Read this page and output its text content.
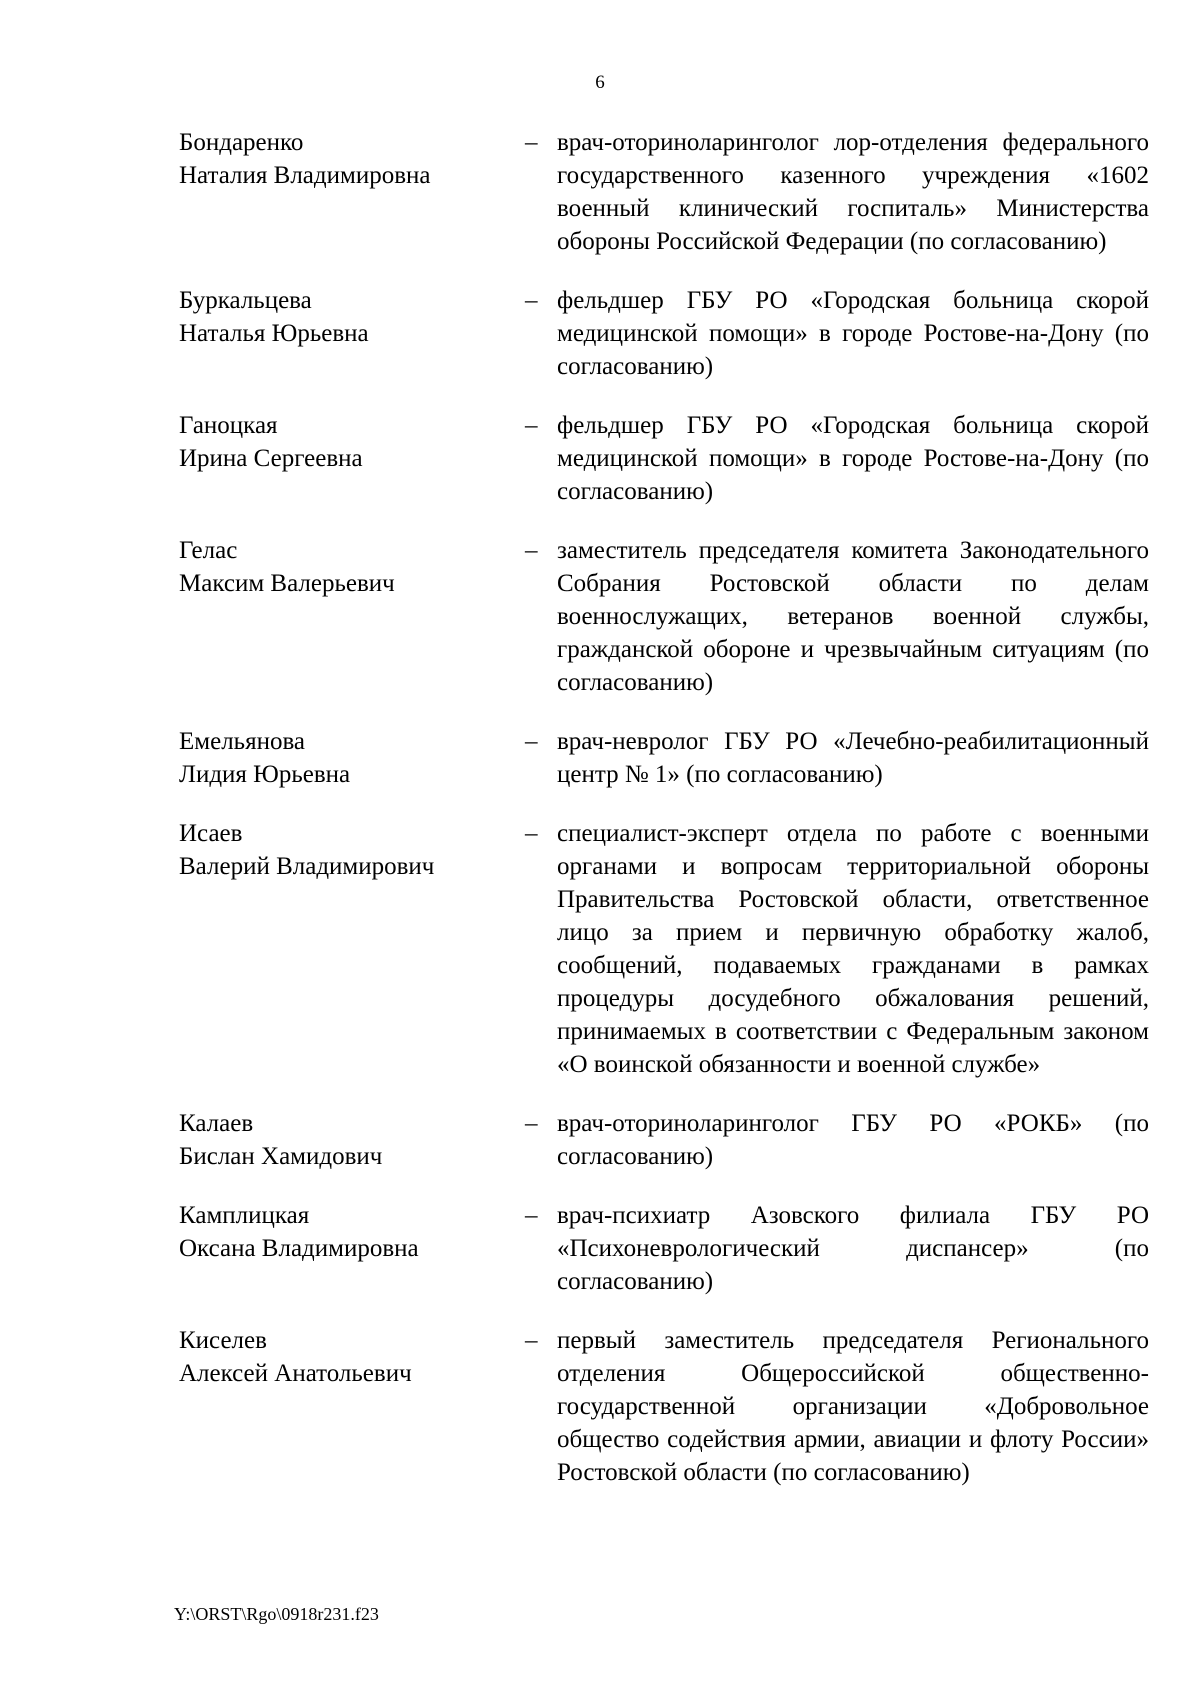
6
Бондаренко
Наталия Владимировна
– врач-оториноларинголог лор-отделения федерального государственного казенного учреждения «1602 военный клинический госпиталь» Министерства обороны Российской Федерации (по согласованию)
Буркальцева
Наталья Юрьевна
– фельдшер ГБУ РО «Городская больница скорой медицинской помощи» в городе Ростове-на-Дону (по согласованию)
Ганоцкая
Ирина Сергеевна
– фельдшер ГБУ РО «Городская больница скорой медицинской помощи» в городе Ростове-на-Дону (по согласованию)
Гелас
Максим Валерьевич
– заместитель председателя комитета Законодательного Собрания Ростовской области по делам военнослужащих, ветеранов военной службы, гражданской обороне и чрезвычайным ситуациям (по согласованию)
Емельянова
Лидия Юрьевна
– врач-невролог ГБУ РО «Лечебно-реабилитационный центр № 1» (по согласованию)
Исаев
Валерий Владимирович
– специалист-эксперт отдела по работе с военными органами и вопросам территориальной обороны Правительства Ростовской области, ответственное лицо за прием и первичную обработку жалоб, сообщений, подаваемых гражданами в рамках процедуры досудебного обжалования решений, принимаемых в соответствии с Федеральным законом «О воинской обязанности и военной службе»
Калаев
Бислан Хамидович
– врач-оториноларинголог ГБУ РО «РОКБ» (по согласованию)
Камплицкая
Оксана Владимировна
– врач-психиатр Азовского филиала ГБУ РО «Психоневрологический диспансер» (по согласованию)
Киселев
Алексей Анатольевич
– первый заместитель председателя Регионального отделения Общероссийской общественно-государственной организации «Добровольное общество содействия армии, авиации и флоту России» Ростовской области (по согласованию)
Y:\ORST\Rgo\0918r231.f23
